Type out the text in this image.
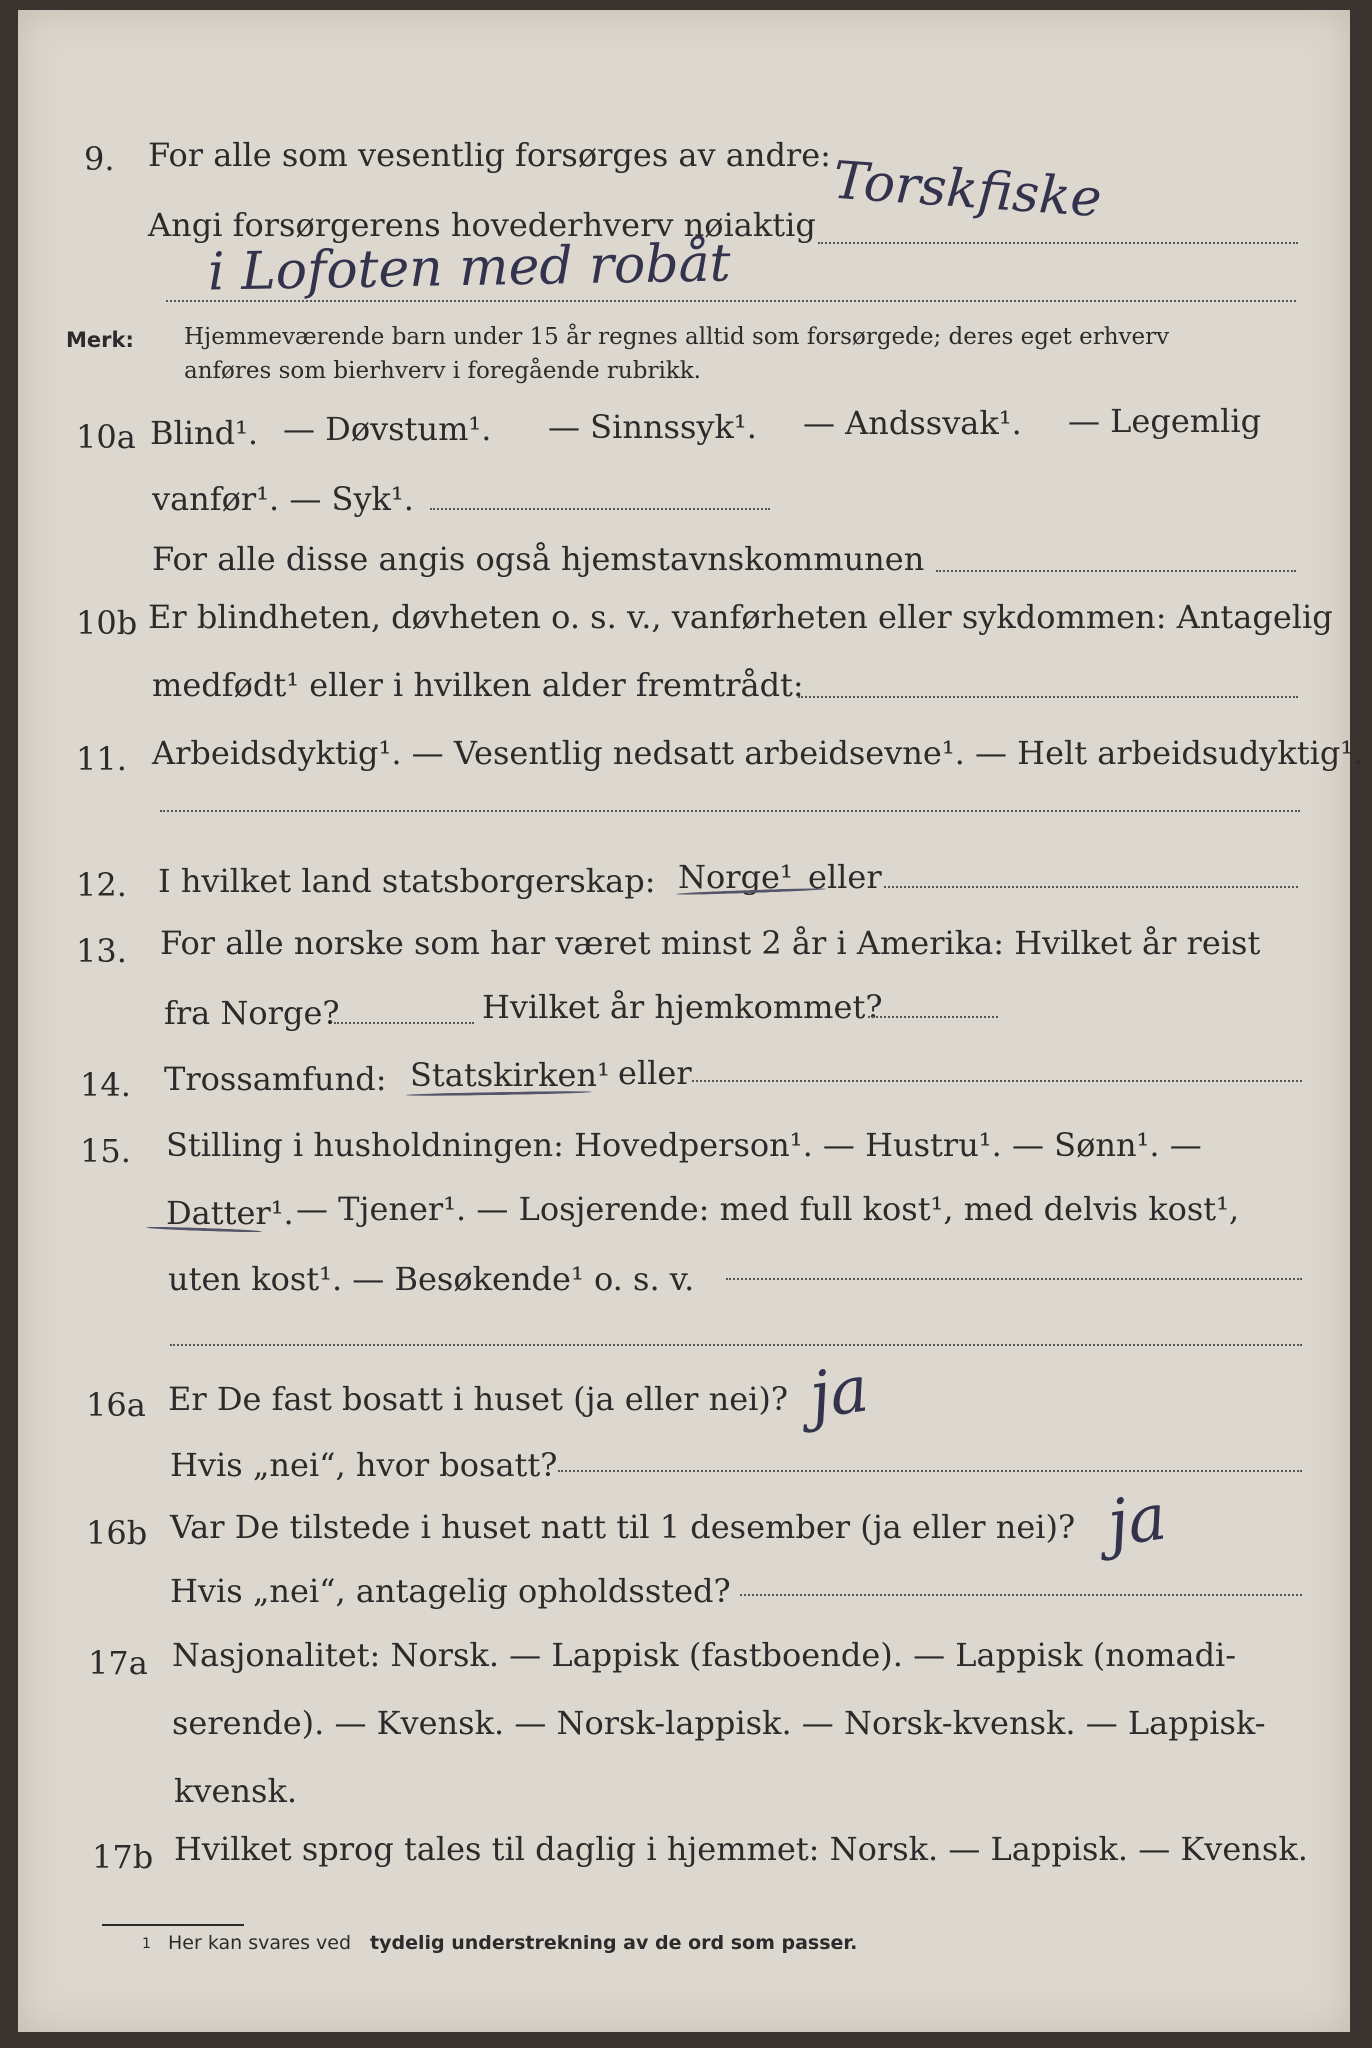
9. For alle som vesentlig forsørges av andre:
Angi forsørgerens hovederhverv nøiaktig Torskfiske
i Lofoten med robåt
Merk: Hjemmeværende barn under 15 år regnes alltid som forsørgede; deres eget erhverv
anføres som bierhverv i foregående rubrikk.
10a Blind¹. — Døvstum¹. — Sinnssyk¹. — Andssvak¹. — Legemlig
vanfør¹. — Syk¹.
For alle disse angis også hjemstavnskommunen
10b Er blindheten, døvheten o. s. v., vanførheten eller sykdommen: Antagelig
medfødt¹ eller i hvilken alder fremtrådt:
11. Arbeidsdyktig¹. — Vesentlig nedsatt arbeidsevne¹. — Helt arbeidsudyktig¹.
12. I hvilket land statsborgerskap: Norge¹ eller
13. For alle norske som har været minst 2 år i Amerika: Hvilket år reist
fra Norge?	Hvilket år hjemkommet?
14. Trossamfund: Statskirken¹ eller
15. Stilling i husholdningen: Hovedperson¹. — Hustru¹. — Sønn¹. —
Datter¹. — Tjener¹. — Losjerende: med full kost¹, med delvis kost¹,
uten kost¹. — Besøkende¹ o. s. v.
16a Er De fast bosatt i huset (ja eller nei)? ja
Hvis „nei“, hvor bosatt?
16b Var De tilstede i huset natt til 1 desember (ja eller nei)? ja
Hvis „nei“, antagelig opholdssted?
17a Nasjonalitet: Norsk. — Lappisk (fastboende). — Lappisk (nomadi-
serende). — Kvensk. — Norsk-lappisk. — Norsk-kvensk. — Lappisk-
kvensk.
17b Hvilket sprog tales til daglig i hjemmet: Norsk. — Lappisk. — Kvensk.
1 Her kan svares ved tydelig understrekning av de ord som passer.
